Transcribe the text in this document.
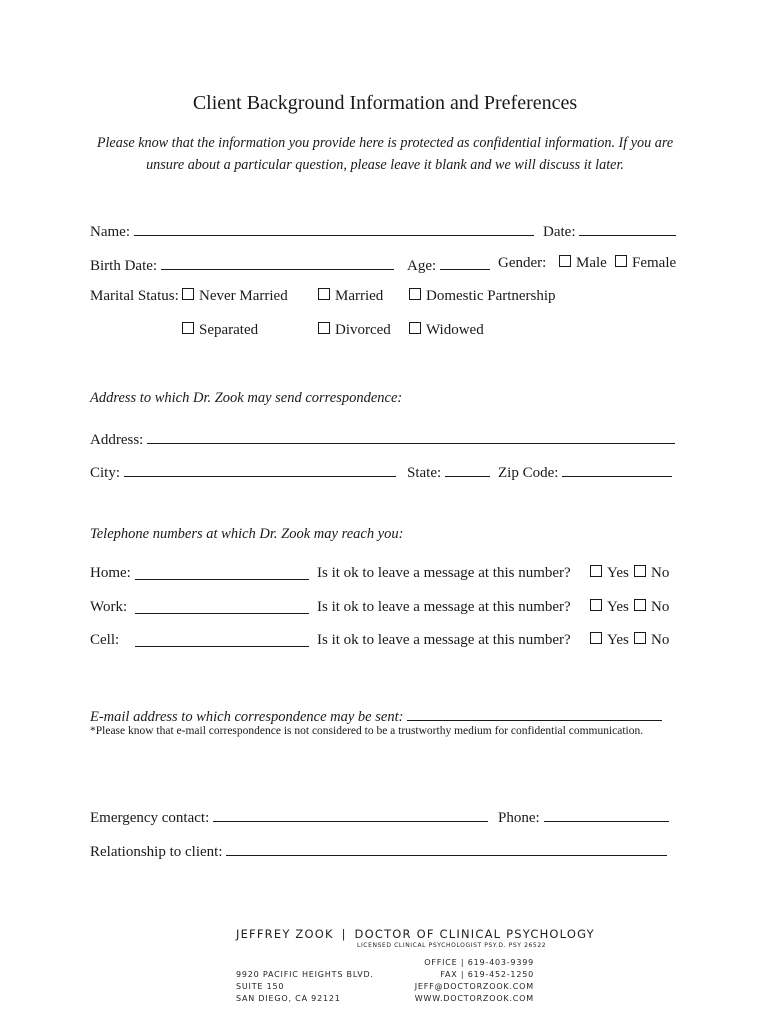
Client Background Information and Preferences
Please know that the information you provide here is protected as confidential information. If you are unsure about a particular question, please leave it blank and we will discuss it later.
Name:	Date:
Birth Date:	Age:	Gender: Male Female
Marital Status: Never Married	Married	Domestic Partnership
Separated	Divorced Widowed
Address to which Dr. Zook may send correspondence:
Address:
City:	State:	Zip Code:
Telephone numbers at which Dr. Zook may reach you:
Home:	Is it ok to leave a message at this number? Yes No
Work:	Is it ok to leave a message at this number? Yes No
Cell:	Is it ok to leave a message at this number? Yes No
E-mail address to which correspondence may be sent:
*Please know that e-mail correspondence is not considered to be a trustworthy medium for confidential communication.
Emergency contact:	Phone:
Relationship to client:
JEFFREY ZOOK | DOCTOR OF CLINICAL PSYCHOLOGY
LICENSED CLINICAL PSYCHOLOGIST PSY.D. PSY 26522
9920 PACIFIC HEIGHTS BLVD.
SUITE 150
SAN DIEGO, CA 92121
OFFICE | 619-403-9399
FAX | 619-452-1250
JEFF@DOCTORZOOK.COM
WWW.DOCTORZOOK.COM
